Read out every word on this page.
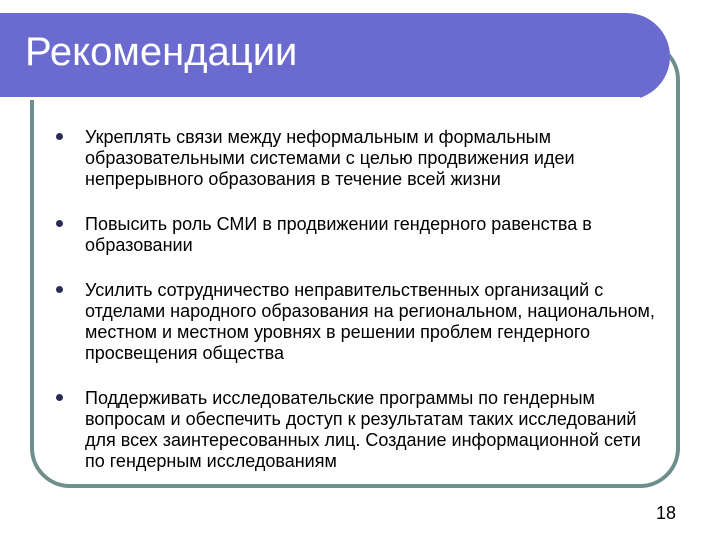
Рекомендации
Укреплять связи между неформальным и формальным образовательными системами с целью продвижения идеи непрерывного образования в течение всей жизни
Повысить роль СМИ в продвижении гендерного равенства в образовании
Усилить сотрудничество неправительственных организаций с отделами народного образования на региональном, национальном, местном и местном уровнях в решении проблем гендерного просвещения общества
Поддерживать исследовательские программы по гендерным вопросам и обеспечить доступ к результатам таких исследований для всех заинтересованных лиц. Создание информационной сети по гендерным исследованиям
18
